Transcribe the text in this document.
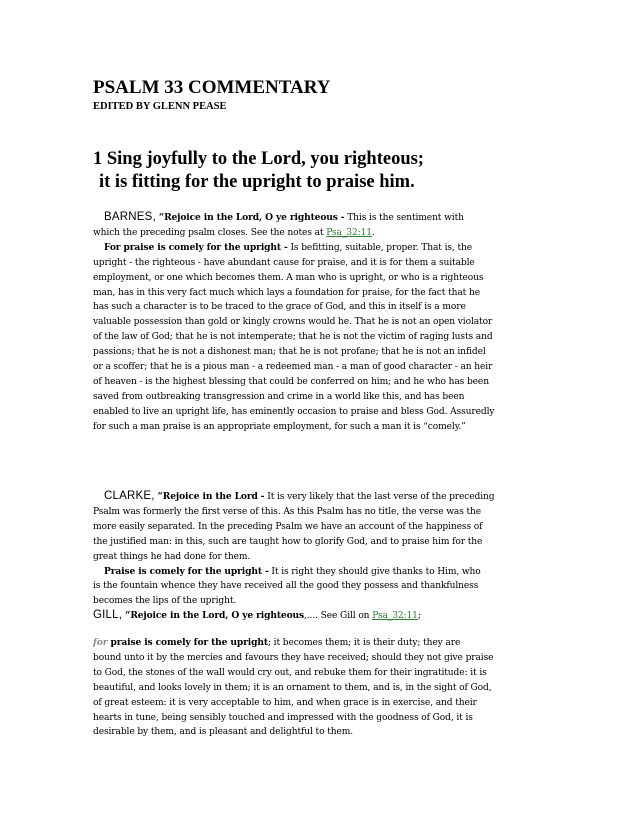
PSALM 33 COMMENTARY
EDITED BY GLENN PEASE
1 Sing joyfully to the Lord, you righteous;
it is fitting for the upright to praise him.
BARNES, “Rejoice in the Lord, O ye righteous - This is the sentiment with
which the preceding psalm closes. See the notes at Psa_32:11.
For praise is comely for the upright - Is befitting, suitable, proper. That is, the
upright - the righteous - have abundant cause for praise, and it is for them a suitable
employment, or one which becomes them. A man who is upright, or who is a righteous
man, has in this very fact much which lays a foundation for praise, for the fact that he
has such a character is to be traced to the grace of God, and this in itself is a more
valuable possession than gold or kingly crowns would he. That he is not an open violator
of the law of God; that he is not intemperate; that he is not the victim of raging lusts and
passions; that he is not a dishonest man; that he is not profane; that he is not an infidel
or a scoffer; that he is a pious man - a redeemed man - a man of good character - an heir
of heaven - is the highest blessing that could be conferred on him; and he who has been
saved from outbreaking transgression and crime in a world like this, and has been
enabled to live an upright life, has eminently occasion to praise and bless God. Assuredly
for such a man praise is an appropriate employment, for such a man it is “comely.”
CLARKE, “Rejoice in the Lord - It is very likely that the last verse of the preceding
Psalm was formerly the first verse of this. As this Psalm has no title, the verse was the
more easily separated. In the preceding Psalm we have an account of the happiness of
the justified man: in this, such are taught how to glorify God, and to praise him for the
great things he had done for them.
Praise is comely for the upright - It is right they should give thanks to Him, who
is the fountain whence they have received all the good they possess and thankfulness
becomes the lips of the upright.
GILL, “Rejoice in the Lord, O ye righteous,.... See Gill on Psa_32:11;
for praise is comely for the upright; it becomes them; it is their duty; they are
bound unto it by the mercies and favours they have received; should they not give praise
to God, the stones of the wall would cry out, and rebuke them for their ingratitude: it is
beautiful, and looks lovely in them; it is an ornament to them, and is, in the sight of God,
of great esteem: it is very acceptable to him, and when grace is in exercise, and their
hearts in tune, being sensibly touched and impressed with the goodness of God, it is
desirable by them, and is pleasant and delightful to them.
